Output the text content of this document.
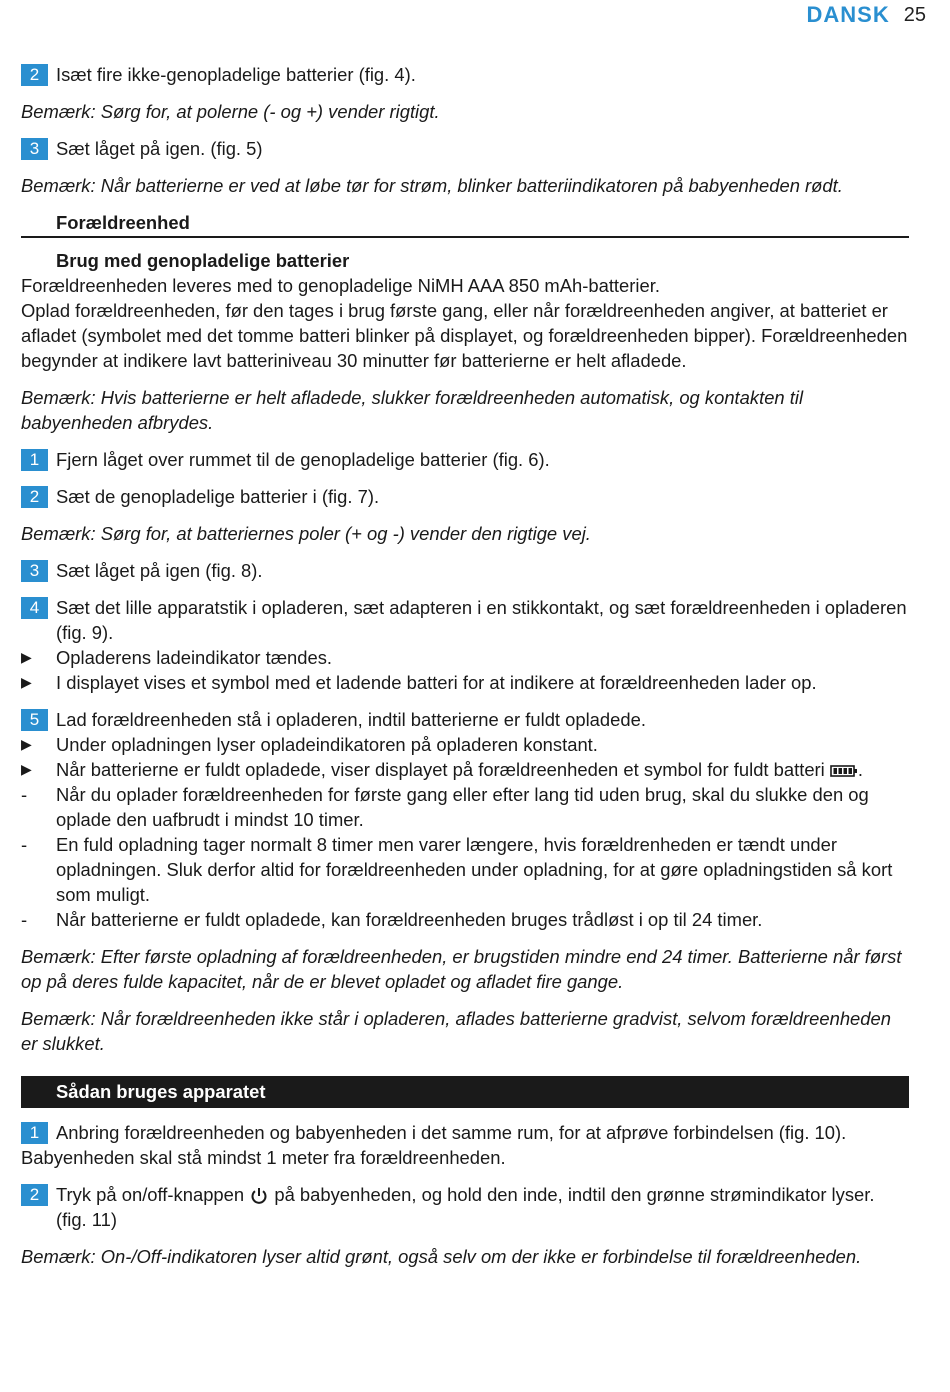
DANSK 25
2 Isæt fire ikke-genopladelige batterier (fig. 4).
Bemærk: Sørg for, at polerne (- og +) vender rigtigt.
3 Sæt låget på igen. (fig. 5)
Bemærk: Når batterierne er ved at løbe tør for strøm, blinker batteriindikatoren på babyenheden rødt.
Forældreenhed
Brug med genopladelige batterier
Forældreenheden leveres med to genopladelige NiMH AAA 850 mAh-batterier.
Oplad forældreenheden, før den tages i brug første gang, eller når forældreenheden angiver, at batteriet er afladet (symbolet med det tomme batteri blinker på displayet, og forældreenheden bipper). Forældreenheden begynder at indikere lavt batteriniveau 30 minutter før batterierne er helt afladede.
Bemærk: Hvis batterierne er helt afladede, slukker forældreenheden automatisk, og kontakten til babyenheden afbrydes.
1 Fjern låget over rummet til de genopladelige batterier (fig. 6).
2 Sæt de genopladelige batterier i (fig. 7).
Bemærk: Sørg for, at batteriernes poler (+ og -) vender den rigtige vej.
3 Sæt låget på igen (fig. 8).
4 Sæt det lille apparatstik i opladeren, sæt adapteren i en stikkontakt, og sæt forældreenheden i opladeren (fig. 9).
▶	Opladerens ladeindikator tændes.
▶	I displayet vises et symbol med et ladende batteri for at indikere at forældreenheden lader op.
5 Lad forældreenheden stå i opladeren, indtil batterierne er fuldt opladede.
▶	Under opladningen lyser opladeindikatoren på opladeren konstant.
▶	Når batterierne er fuldt opladede, viser displayet på forældreenheden et symbol for fuldt batteri .
-	Når du oplader forældreenheden for første gang eller efter lang tid uden brug, skal du slukke den og oplade den uafbrudt i mindst 10 timer.
-	En fuld opladning tager normalt 8 timer men varer længere, hvis forældrenheden er tændt under opladningen. Sluk derfor altid for forældreenheden under opladning, for at gøre opladningstiden så kort som muligt.
-	Når batterierne er fuldt opladede, kan forældreenheden bruges trådløst i op til 24 timer.
Bemærk: Efter første opladning af forældreenheden, er brugstiden mindre end 24 timer. Batterierne når først op på deres fulde kapacitet, når de er blevet opladet og afladet fire gange.
Bemærk: Når forældreenheden ikke står i opladeren, aflades batterierne gradvist, selvom forældreenheden er slukket.
Sådan bruges apparatet
1 Anbring forældreenheden og babyenheden i det samme rum, for at afprøve forbindelsen (fig. 10).
Babyenheden skal stå mindst 1 meter fra forældreenheden.
2 Tryk på on/off-knappen på babyenheden, og hold den inde, indtil den grønne strømindikator lyser. (fig. 11)
Bemærk: On-/Off-indikatoren lyser altid grønt, også selv om der ikke er forbindelse til forældreenheden.
